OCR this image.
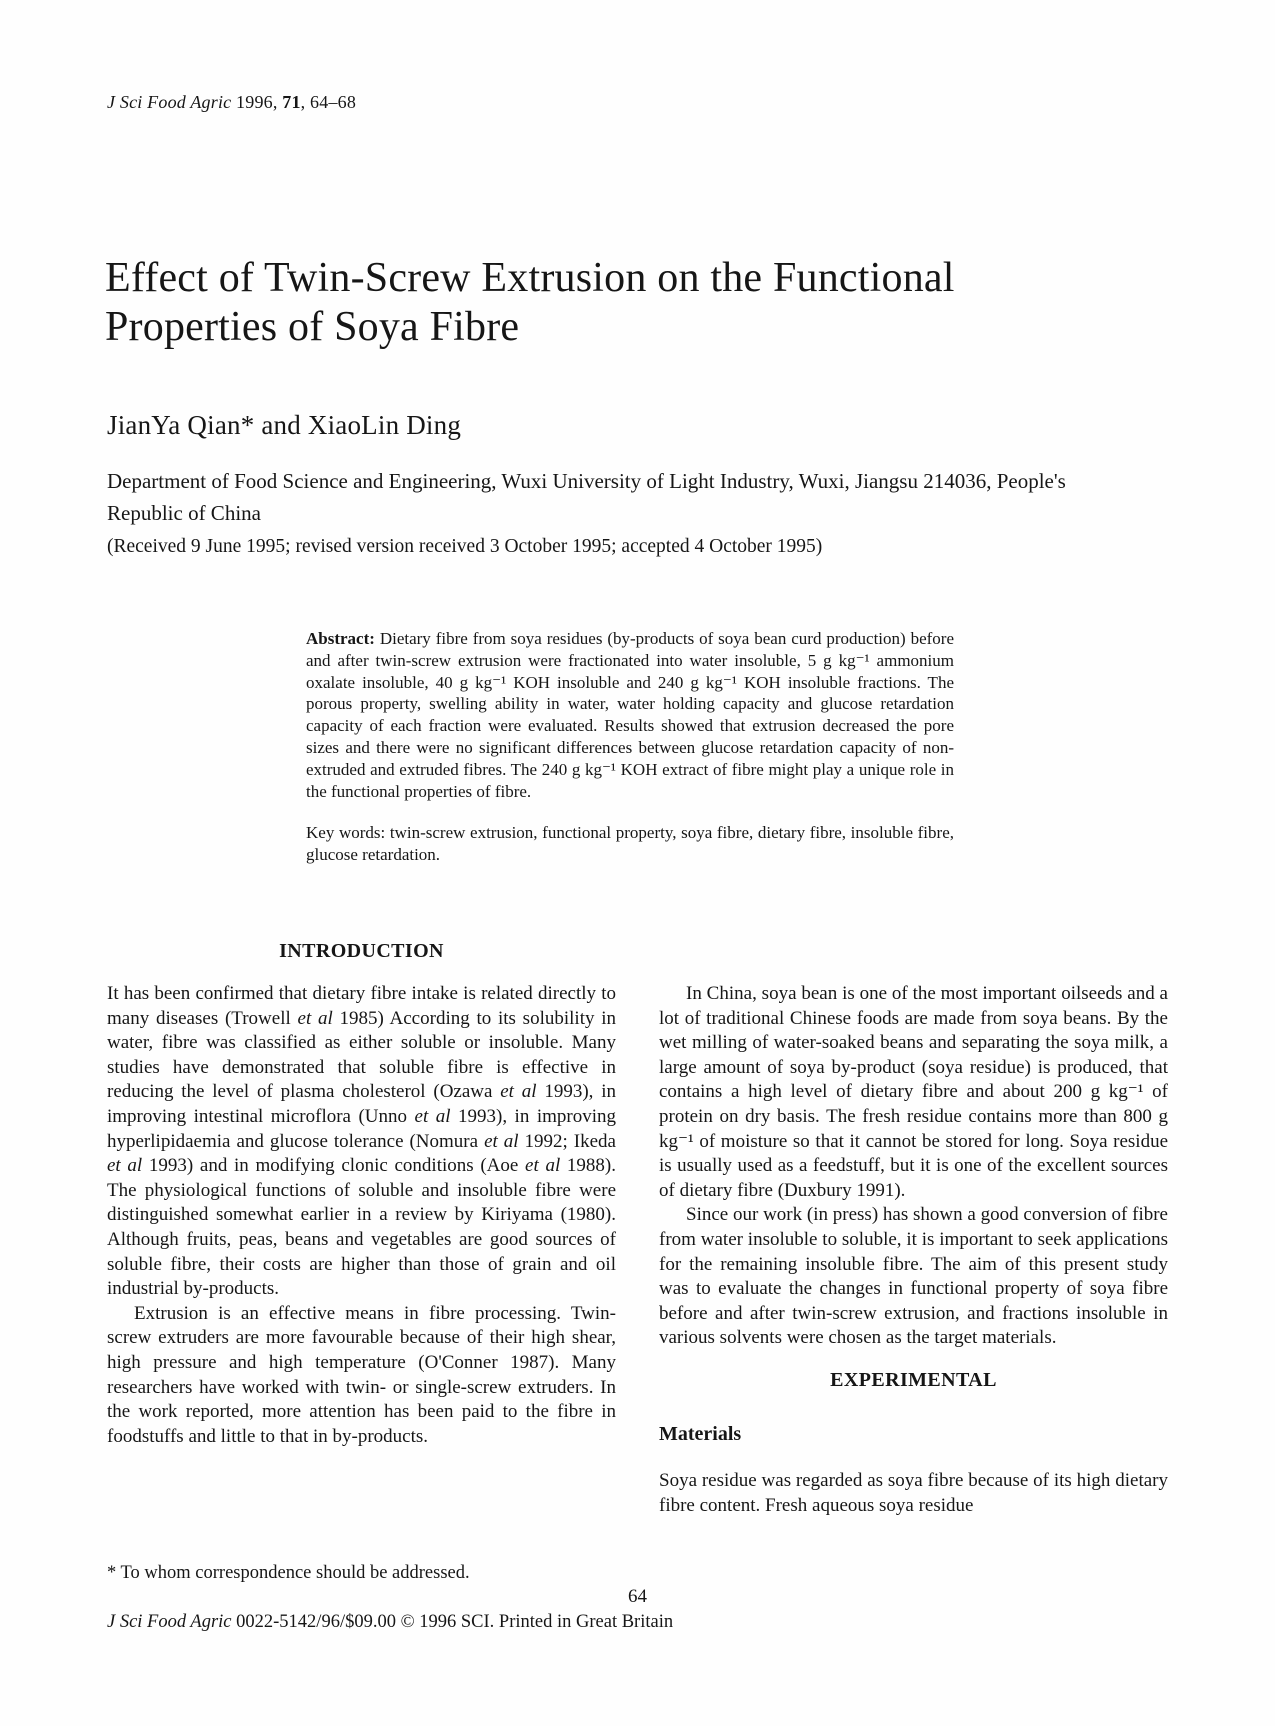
J Sci Food Agric 1996, 71, 64–68
Effect of Twin-Screw Extrusion on the Functional Properties of Soya Fibre
JianYa Qian* and XiaoLin Ding
Department of Food Science and Engineering, Wuxi University of Light Industry, Wuxi, Jiangsu 214036, People's Republic of China
(Received 9 June 1995; revised version received 3 October 1995; accepted 4 October 1995)

Abstract: Dietary fibre from soya residues (by-products of soya bean curd production) before and after twin-screw extrusion were fractionated into water insoluble, 5 g kg⁻¹ ammonium oxalate insoluble, 40 g kg⁻¹ KOH insoluble and 240 g kg⁻¹ KOH insoluble fractions. The porous property, swelling ability in water, water holding capacity and glucose retardation capacity of each fraction were evaluated. Results showed that extrusion decreased the pore sizes and there were no significant differences between glucose retardation capacity of non-extruded and extruded fibres. The 240 g kg⁻¹ KOH extract of fibre might play a unique role in the functional properties of fibre.

Key words: twin-screw extrusion, functional property, soya fibre, dietary fibre, insoluble fibre, glucose retardation.

INTRODUCTION

It has been confirmed that dietary fibre intake is related directly to many diseases (Trowell et al 1985) According to its solubility in water, fibre was classified as either soluble or insoluble. Many studies have demonstrated that soluble fibre is effective in reducing the level of plasma cholesterol (Ozawa et al 1993), in improving intestinal microflora (Unno et al 1993), in improving hyperlipidaemia and glucose tolerance (Nomura et al 1992; Ikeda et al 1993) and in modifying clonic conditions (Aoe et al 1988). The physiological functions of soluble and insoluble fibre were distinguished somewhat earlier in a review by Kiriyama (1980). Although fruits, peas, beans and vegetables are good sources of soluble fibre, their costs are higher than those of grain and oil industrial by-products.

Extrusion is an effective means in fibre processing. Twin-screw extruders are more favourable because of their high shear, high pressure and high temperature (O'Conner 1987). Many researchers have worked with twin- or single-screw extruders. In the work reported, more attention has been paid to the fibre in foodstuffs and little to that in by-products.

In China, soya bean is one of the most important oilseeds and a lot of traditional Chinese foods are made from soya beans. By the wet milling of water-soaked beans and separating the soya milk, a large amount of soya by-product (soya residue) is produced, that contains a high level of dietary fibre and about 200 g kg⁻¹ of protein on dry basis. The fresh residue contains more than 800 g kg⁻¹ of moisture so that it cannot be stored for long. Soya residue is usually used as a feedstuff, but it is one of the excellent sources of dietary fibre (Duxbury 1991).

Since our work (in press) has shown a good conversion of fibre from water insoluble to soluble, it is important to seek applications for the remaining insoluble fibre. The aim of this present study was to evaluate the changes in functional property of soya fibre before and after twin-screw extrusion, and fractions insoluble in various solvents were chosen as the target materials.

EXPERIMENTAL
Materials

Soya residue was regarded as soya fibre because of its high dietary fibre content. Fresh aqueous soya residue

* To whom correspondence should be addressed.
64
J Sci Food Agric 0022-5142/96/$09.00 © 1996 SCI. Printed in Great Britain
